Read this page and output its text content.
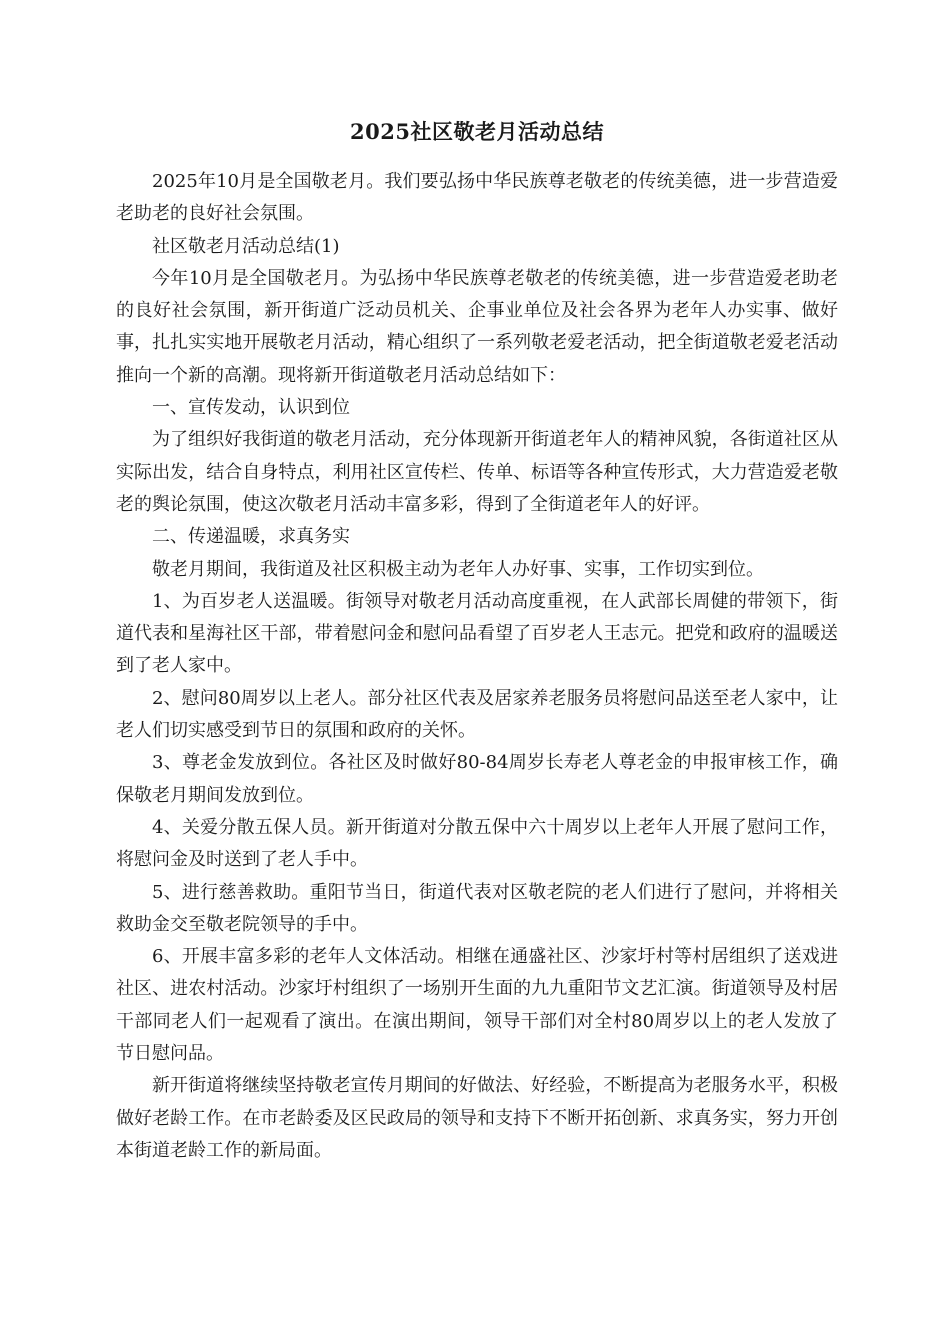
2025社区敬老月活动总结

2025年10月是全国敬老月。我们要弘扬中华民族尊老敬老的传统美德，进一步营造爱老助老的良好社会氛围。

社区敬老月活动总结(1)

今年10月是全国敬老月。为弘扬中华民族尊老敬老的传统美德，进一步营造爱老助老的良好社会氛围，新开街道广泛动员机关、企事业单位及社会各界为老年人办实事、做好事，扎扎实实地开展敬老月活动，精心组织了一系列敬老爱老活动，把全街道敬老爱老活动推向一个新的高潮。现将新开街道敬老月活动总结如下：

一、宣传发动，认识到位

为了组织好我街道的敬老月活动，充分体现新开街道老年人的精神风貌，各街道社区从实际出发，结合自身特点，利用社区宣传栏、传单、标语等各种宣传形式，大力营造爱老敬老的舆论氛围，使这次敬老月活动丰富多彩，得到了全街道老年人的好评。

二、传递温暖，求真务实

敬老月期间，我街道及社区积极主动为老年人办好事、实事，工作切实到位。

1、为百岁老人送温暖。街领导对敬老月活动高度重视，在人武部长周健的带领下，街道代表和星海社区干部，带着慰问金和慰问品看望了百岁老人王志元。把党和政府的温暖送到了老人家中。

2、慰问80周岁以上老人。部分社区代表及居家养老服务员将慰问品送至老人家中，让老人们切实感受到节日的氛围和政府的关怀。

3、尊老金发放到位。各社区及时做好80-84周岁长寿老人尊老金的申报审核工作，确保敬老月期间发放到位。

4、关爱分散五保人员。新开街道对分散五保中六十周岁以上老年人开展了慰问工作，将慰问金及时送到了老人手中。

5、进行慈善救助。重阳节当日，街道代表对区敬老院的老人们进行了慰问，并将相关救助金交至敬老院领导的手中。

6、开展丰富多彩的老年人文体活动。相继在通盛社区、沙家圩村等村居组织了送戏进社区、进农村活动。沙家圩村组织了一场别开生面的九九重阳节文艺汇演。街道领导及村居干部同老人们一起观看了演出。在演出期间，领导干部们对全村80周岁以上的老人发放了节日慰问品。

新开街道将继续坚持敬老宣传月期间的好做法、好经验，不断提高为老服务水平，积极做好老龄工作。在市老龄委及区民政局的领导和支持下不断开拓创新、求真务实，努力开创本街道老龄工作的新局面。
